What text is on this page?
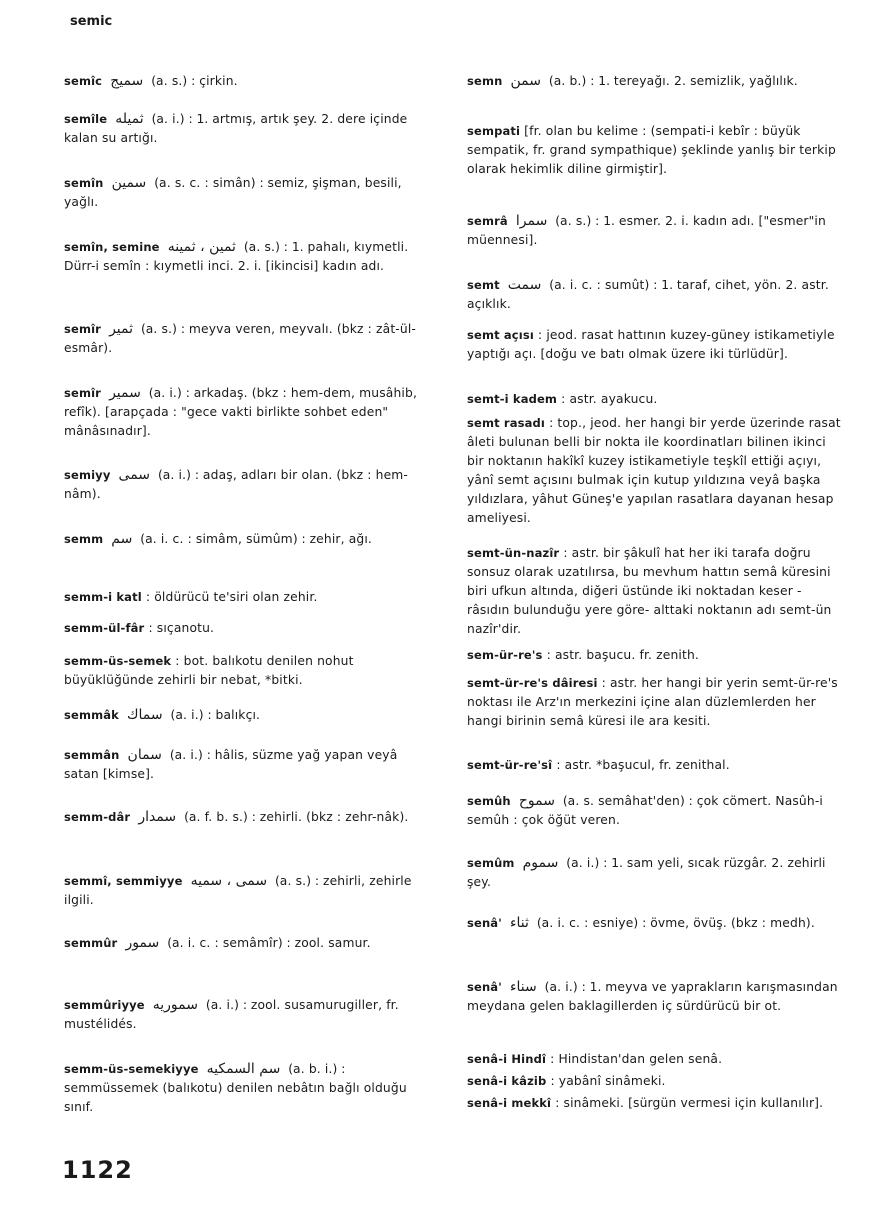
semic

semîc سميج (a. s.) : çirkin.

semîle ثميله (a. i.) : 1. artmış, artık şey. 2. dere içinde kalan su artığı.

semîn سمين (a. s. c. : simân) : semiz, şişman, besili, yağlı.

semîn, semine ثمين ، ثمينه (a. s.) : 1. pahalı, kıymetli. Dürr-i semîn : kıymetli inci. 2. i. [ikincisi] kadın adı.

semîr ثمير (a. s.) : meyva veren, meyvalı. (bkz : zât-ül-esmâr).

semîr سمير (a. i.) : arkadaş. (bkz : hem-dem, musâhib, refîk). [arapçada : "gece vakti birlikte sohbet eden" mânâsınadır].

semiyy سمى (a. i.) : adaş, adları bir olan. (bkz : hem-nâm).

semm سم (a. i. c. : simâm, sümûm) : zehir, ağı.

semm-i katl : öldürücü te'siri olan zehir.

semm-ül-fâr : sıçanotu.

semm-üs-semek : bot. balıkotu denilen nohut büyüklüğünde zehirli bir nebat, *bitki.

semmâk سماك (a. i.) : balıkçı.

semmân سمان (a. i.) : hâlis, süzme yağ yapan veyâ satan [kimse].

semm-dâr سمدار (a. f. b. s.) : zehirli. (bkz : zehr-nâk).

semmî, semmiyye سمى ، سميه (a. s.) : zehirli, zehirle ilgili.

semmûr سمور (a. i. c. : semâmîr) : zool. samur.

semmûriyye سموريه (a. i.) : zool. susamurugiller, fr. mustélidés.

semm-üs-semekiyye سم السمكيه (a. b. i.) : semmüssemek (balıkotu) denilen nebâtın bağlı olduğu sınıf.

semn سمن (a. b.) : 1. tereyağı. 2. semizlik, yağlılık.

sempati [fr. olan bu kelime : (sempati-i kebîr : büyük sempatik, fr. grand sympathique) şeklinde yanlış bir terkip olarak hekimlik diline girmiştir].

semrâ سمرا (a. s.) : 1. esmer. 2. i. kadın adı. ["esmer"in müennesi].

semt سمت (a. i. c. : sumût) : 1. taraf, cihet, yön. 2. astr. açıklık.

semt açısı : jeod. rasat hattının kuzey-güney istikametiyle yaptığı açı. [doğu ve batı olmak üzere iki türlüdür].

semt-i kadem : astr. ayakucu.

semt rasadı : top., jeod. her hangi bir yerde üzerinde rasat âleti bulunan belli bir nokta ile koordinatları bilinen ikinci bir noktanın hakîkî kuzey istikametiyle teşkîl ettiği açıyı, yânî semt açısını bulmak için kutup yıldızına veyâ başka yıldızlara, yâhut Güneş'e yapılan rasatlara dayanan hesap ameliyesi.

semt-ün-nazîr : astr. bir şâkulî hat her iki tarafa doğru sonsuz olarak uzatılırsa, bu mevhum hattın semâ küresini biri ufkun altında, diğeri üstünde iki noktadan keser -râsıdın bulunduğu yere göre- alttaki noktanın adı semt-ün nazîr'dir.

sem-ür-re's : astr. başucu. fr. zenith.

semt-ür-re's dâiresi : astr. her hangi bir yerin semt-ür-re's noktası ile Arz'ın merkezini içine alan düzlemlerden her hangi birinin semâ küresi ile ara kesiti.

semt-ür-re'sî : astr. *başucul, fr. zenithal.

semûh سموح (a. s. semâhat'den) : çok cömert. Nasûh-i semûh : çok öğüt veren.

semûm سموم (a. i.) : 1. sam yeli, sıcak rüzgâr. 2. zehirli şey.

senâ' ثناء (a. i. c. : esniye) : övme, övüş. (bkz : medh).

senâ' سناء (a. i.) : 1. meyva ve yaprakların karışmasından meydana gelen baklagillerden iç sürdürücü bir ot.

senâ-i Hindî : Hindistan'dan gelen senâ.

senâ-i kâzib : yabânî sinâmeki.

senâ-i mekkî : sinâmeki. [sürgün vermesi için kullanılır].

1122
